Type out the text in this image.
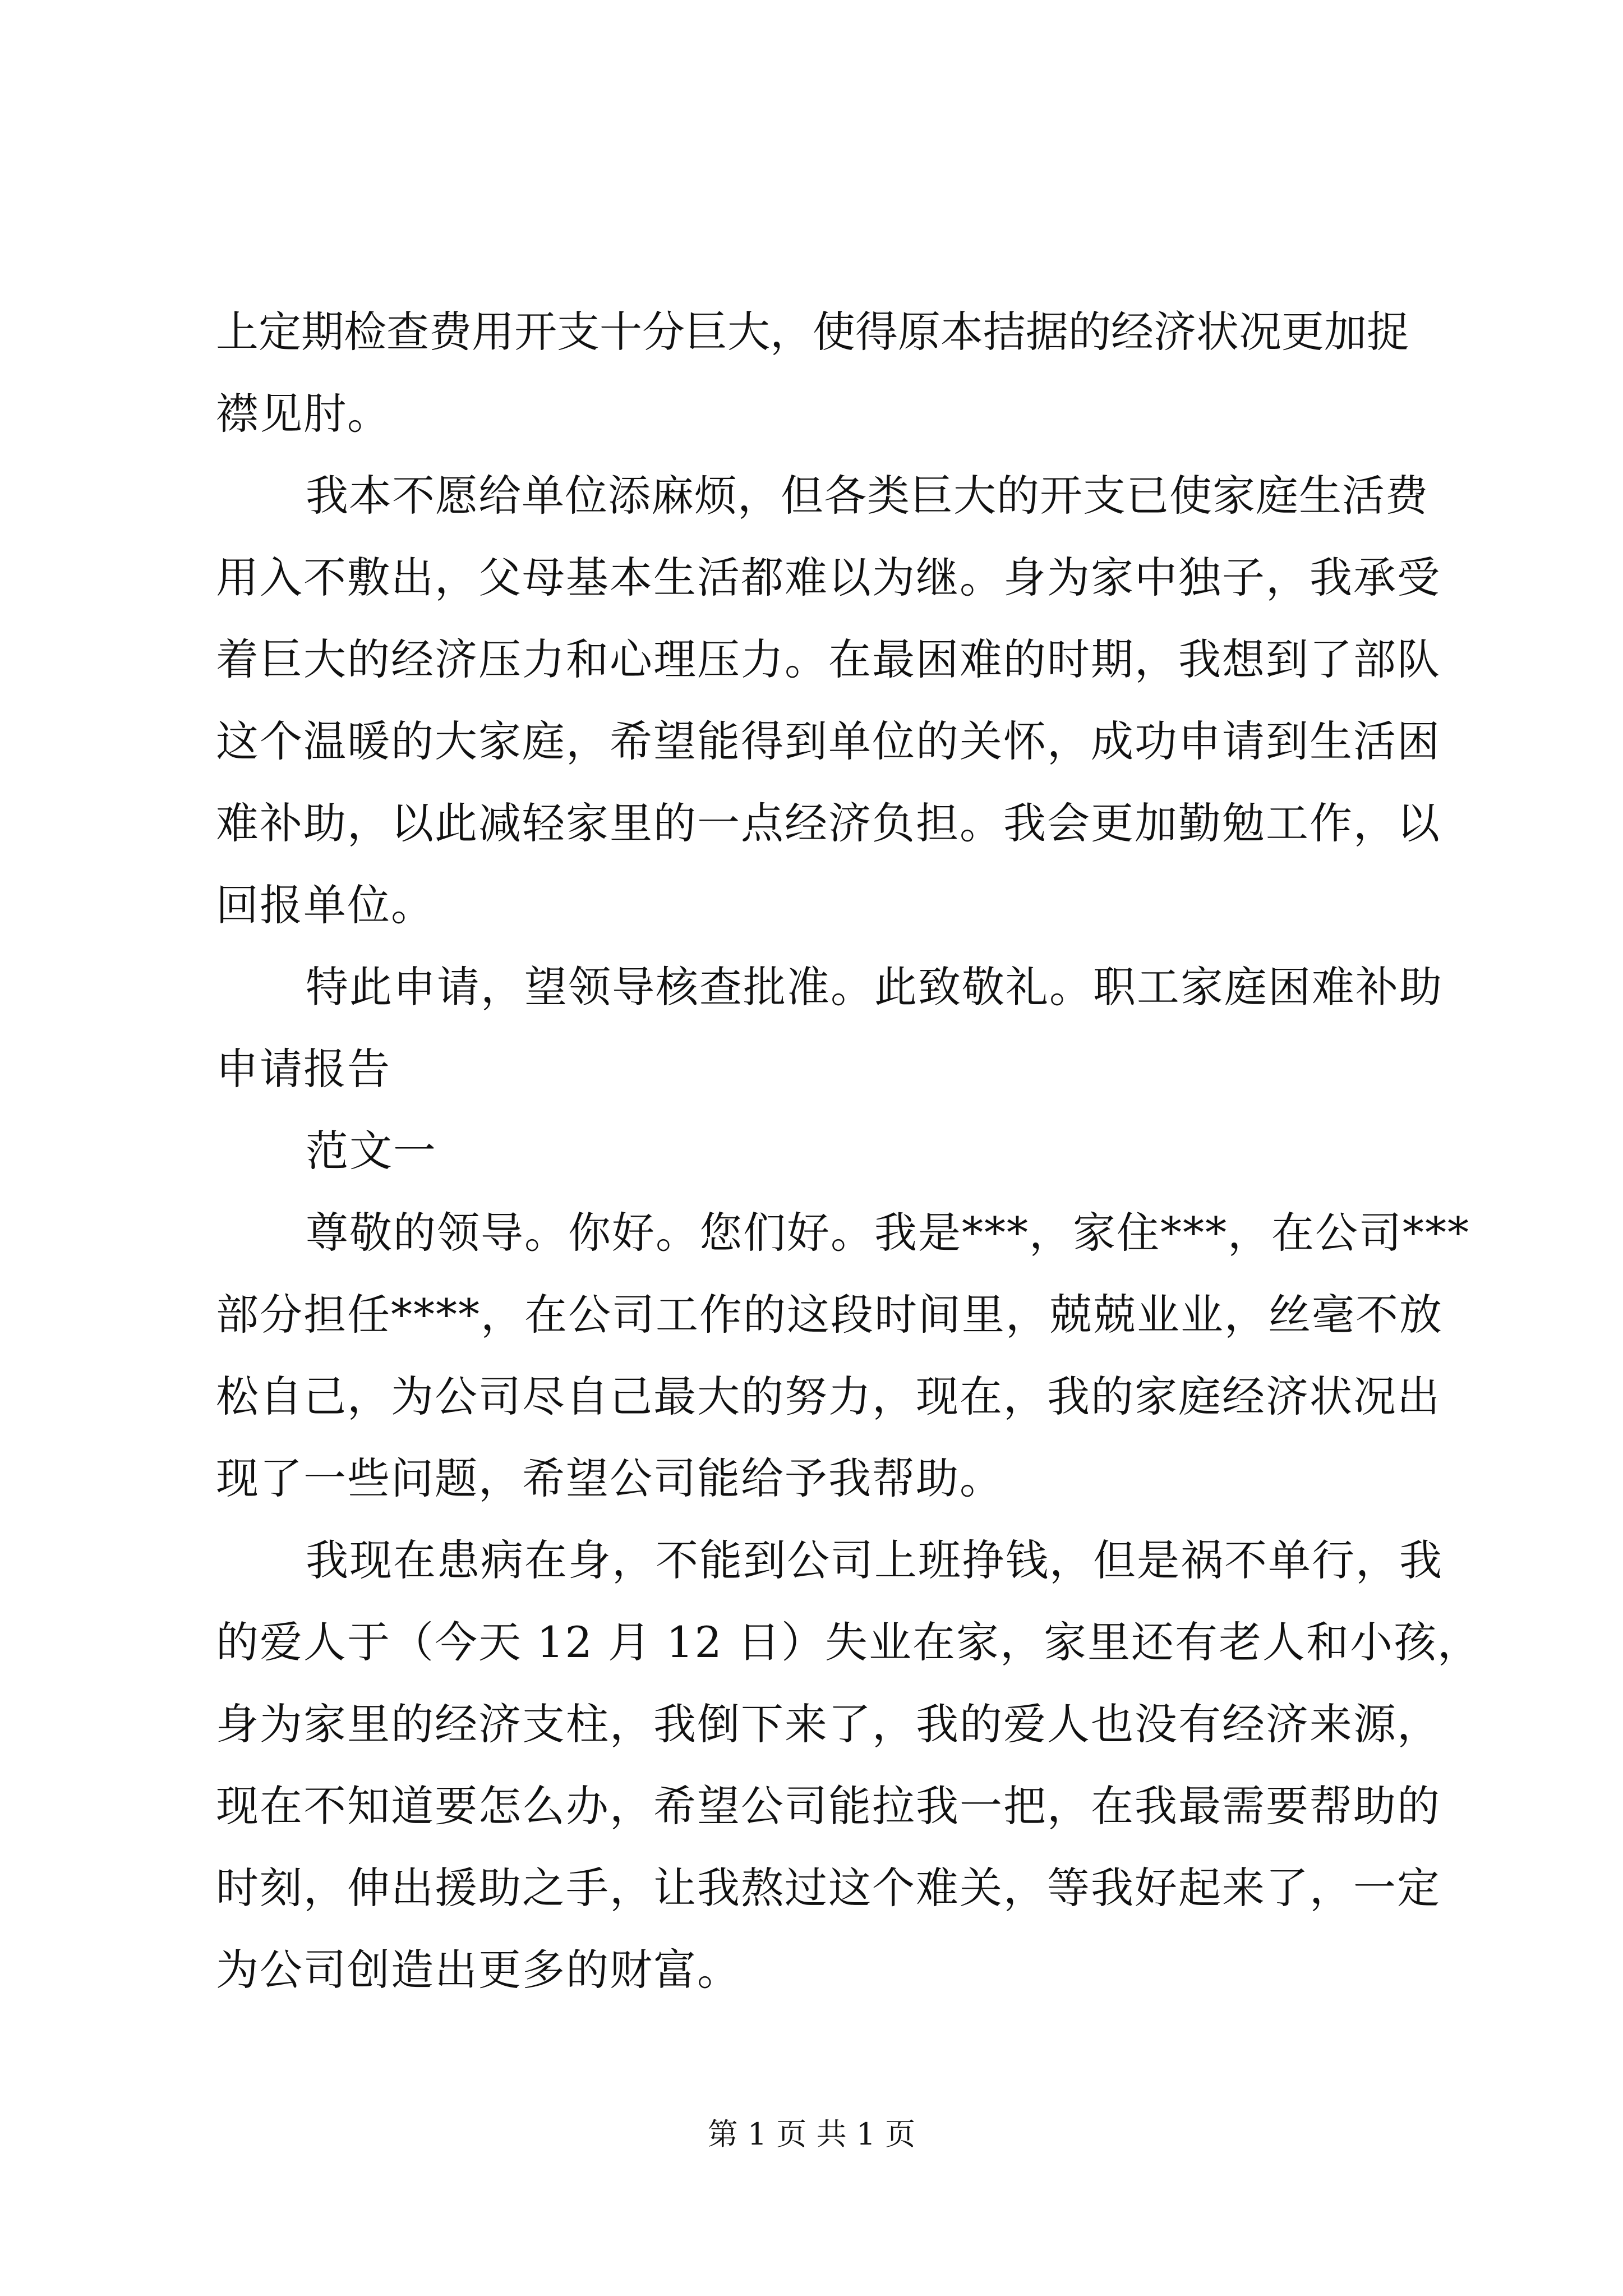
上定期检查费用开支十分巨大，使得原本拮据的经济状况更加捉
襟见肘。
我本不愿给单位添麻烦，但各类巨大的开支已使家庭生活费
用入不敷出，父母基本生活都难以为继。身为家中独子，我承受
着巨大的经济压力和心理压力。在最困难的时期，我想到了部队
这个温暖的大家庭，希望能得到单位的关怀，成功申请到生活困
难补助，以此减轻家里的一点经济负担。我会更加勤勉工作，以
回报单位。
特此申请，望领导核查批准。此致敬礼。职工家庭困难补助
申请报告
范文一
尊敬的领导。你好。您们好。我是***，家住***，在公司***
部分担任****，在公司工作的这段时间里，兢兢业业，丝毫不放
松自己，为公司尽自己最大的努力，现在，我的家庭经济状况出
现了一些问题，希望公司能给予我帮助。
我现在患病在身，不能到公司上班挣钱，但是祸不单行，我
的爱人于（今天 12 月 12 日）失业在家，家里还有老人和小孩，
身为家里的经济支柱，我倒下来了，我的爱人也没有经济来源，
现在不知道要怎么办，希望公司能拉我一把，在我最需要帮助的
时刻，伸出援助之手，让我熬过这个难关，等我好起来了，一定
为公司创造出更多的财富。
第 1 页 共 1 页
